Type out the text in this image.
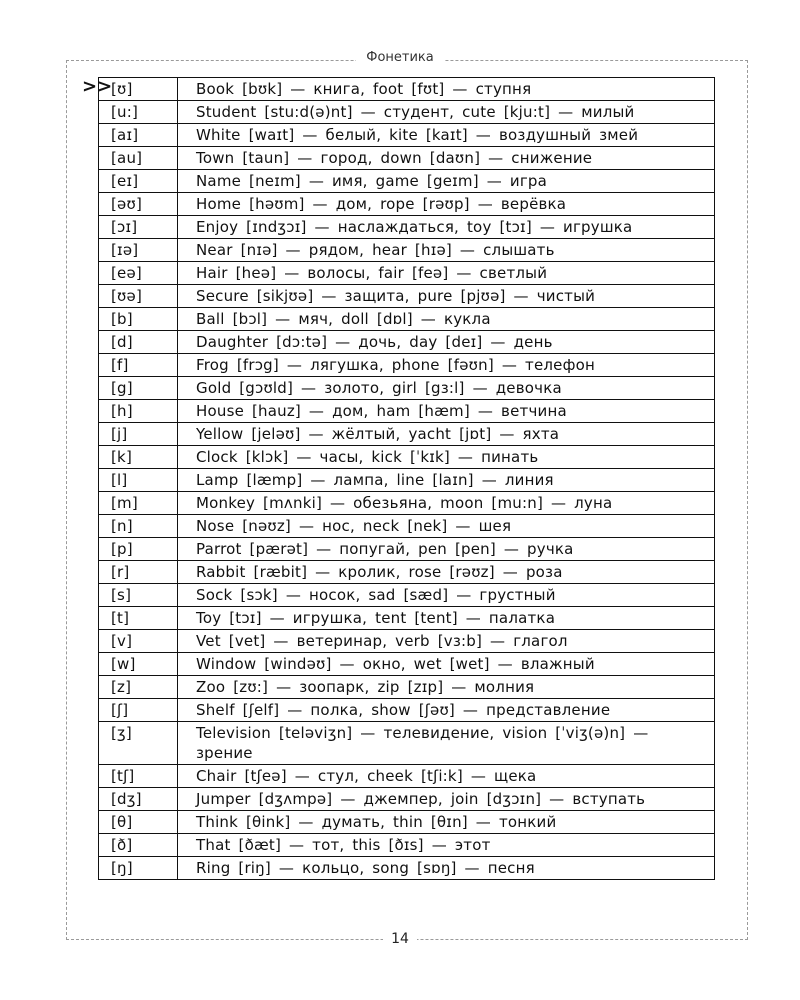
Фонетика
>>
[ʊ]	Book [bʊk] — книга, foot [fʊt] — ступня
[u:]	Student [stu:d(ə)nt] — студент, cute [kju:t] — милый
[aɪ]	White [waɪt] — белый, kite [kaɪt] — воздушный змей
[au]	Town [taun] — город, down [daʊn] — снижение
[eɪ]	Name [neɪm] — имя, game [geɪm] — игра
[əʊ]	Home [həʊm] — дом, rope [rəʊp] — верёвка
[ɔɪ]	Enjoy [ɪndʒɔɪ] — наслаждаться, toy [tɔɪ] — игрушка
[ɪə]	Near [nɪə] — рядом, hear [hɪə] — слышать
[eə]	Hair [heə] — волосы, fair [feə] — светлый
[ʊə]	Secure [sikjʊə] — защита, pure [pjʊə] — чистый
[b]	Ball [bɔl] — мяч, doll [dɒl] — кукла
[d]	Daughter [dɔ:tə] — дочь, day [deɪ] — день
[f]	Frog [frɔg] — лягушка, phone [fəʊn] — телефон
[g]	Gold [gɔʊld] — золото, girl [gɜ:l] — девочка
[h]	House [hauz] — дом, ham [hæm] — ветчина
[j]	Yellow [jeləʊ] — жёлтый, yacht [jɒt] — яхта
[k]	Clock [klɔk] — часы, kick [ˈkɪk] — пинать
[l]	Lamp [læmp] — лампа, line [laɪn] — линия
[m]	Monkey [mʌnki] — обезьяна, moon [mu:n] — луна
[n]	Nose [nəʊz] — нос, neck [nek] — шея
[p]	Parrot [pærət] — попугай, pen [pen] — ручка
[r]	Rabbit [ræbit] — кролик, rose [rəʊz] — роза
[s]	Sock [sɔk] — носок, sad [sæd] — грустный
[t]	Toy [tɔɪ] — игрушка, tent [tent] — палатка
[v]	Vet [vet] — ветеринар, verb [vɜ:b] — глагол
[w]	Window [windəʊ] — окно, wet [wet] — влажный
[z]	Zoo [zʊ:] — зоопарк, zip [zɪp] — молния
[ʃ]	Shelf [ʃelf] — полка, show [ʃəʊ] — представление
[ʒ]	Television [teləviʒn] — телевидение, vision [ˈviʒ(ə)n] — зрение
[tʃ]	Chair [tʃeə] — стул, cheek [tʃi:k] — щека
[dʒ]	Jumper [dʒʌmpə] — джемпер, join [dʒɔɪn] — вступать
[θ]	Think [θink] — думать, thin [θɪn] — тонкий
[ð]	That [ðæt] — тот, this [ðɪs] — этот
[ŋ]	Ring [riŋ] — кольцо, song [sɒŋ] — песня
14
